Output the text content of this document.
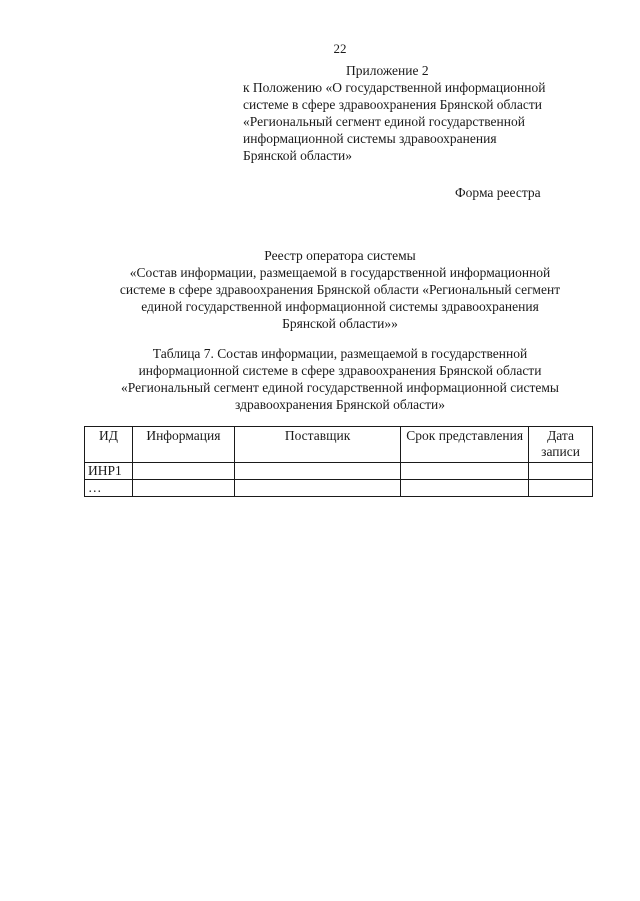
22
Приложение 2
к Положению «О государственной информационной
системе в сфере здравоохранения Брянской области
«Региональный сегмент единой государственной
информационной системы здравоохранения
Брянской области»
Форма реестра
Реестр оператора системы
«Состав информации, размещаемой в государственной информационной
системе в сфере здравоохранения Брянской области «Региональный сегмент
единой государственной информационной системы здравоохранения
Брянской области»»
Таблица 7. Состав информации, размещаемой в государственной
информационной системе в сфере здравоохранения Брянской области
«Региональный сегмент единой государственной информационной системы
здравоохранения Брянской области»
ИД	Информация	Поставщик	Срок представления	Дата записи
ИНР1				
…				
